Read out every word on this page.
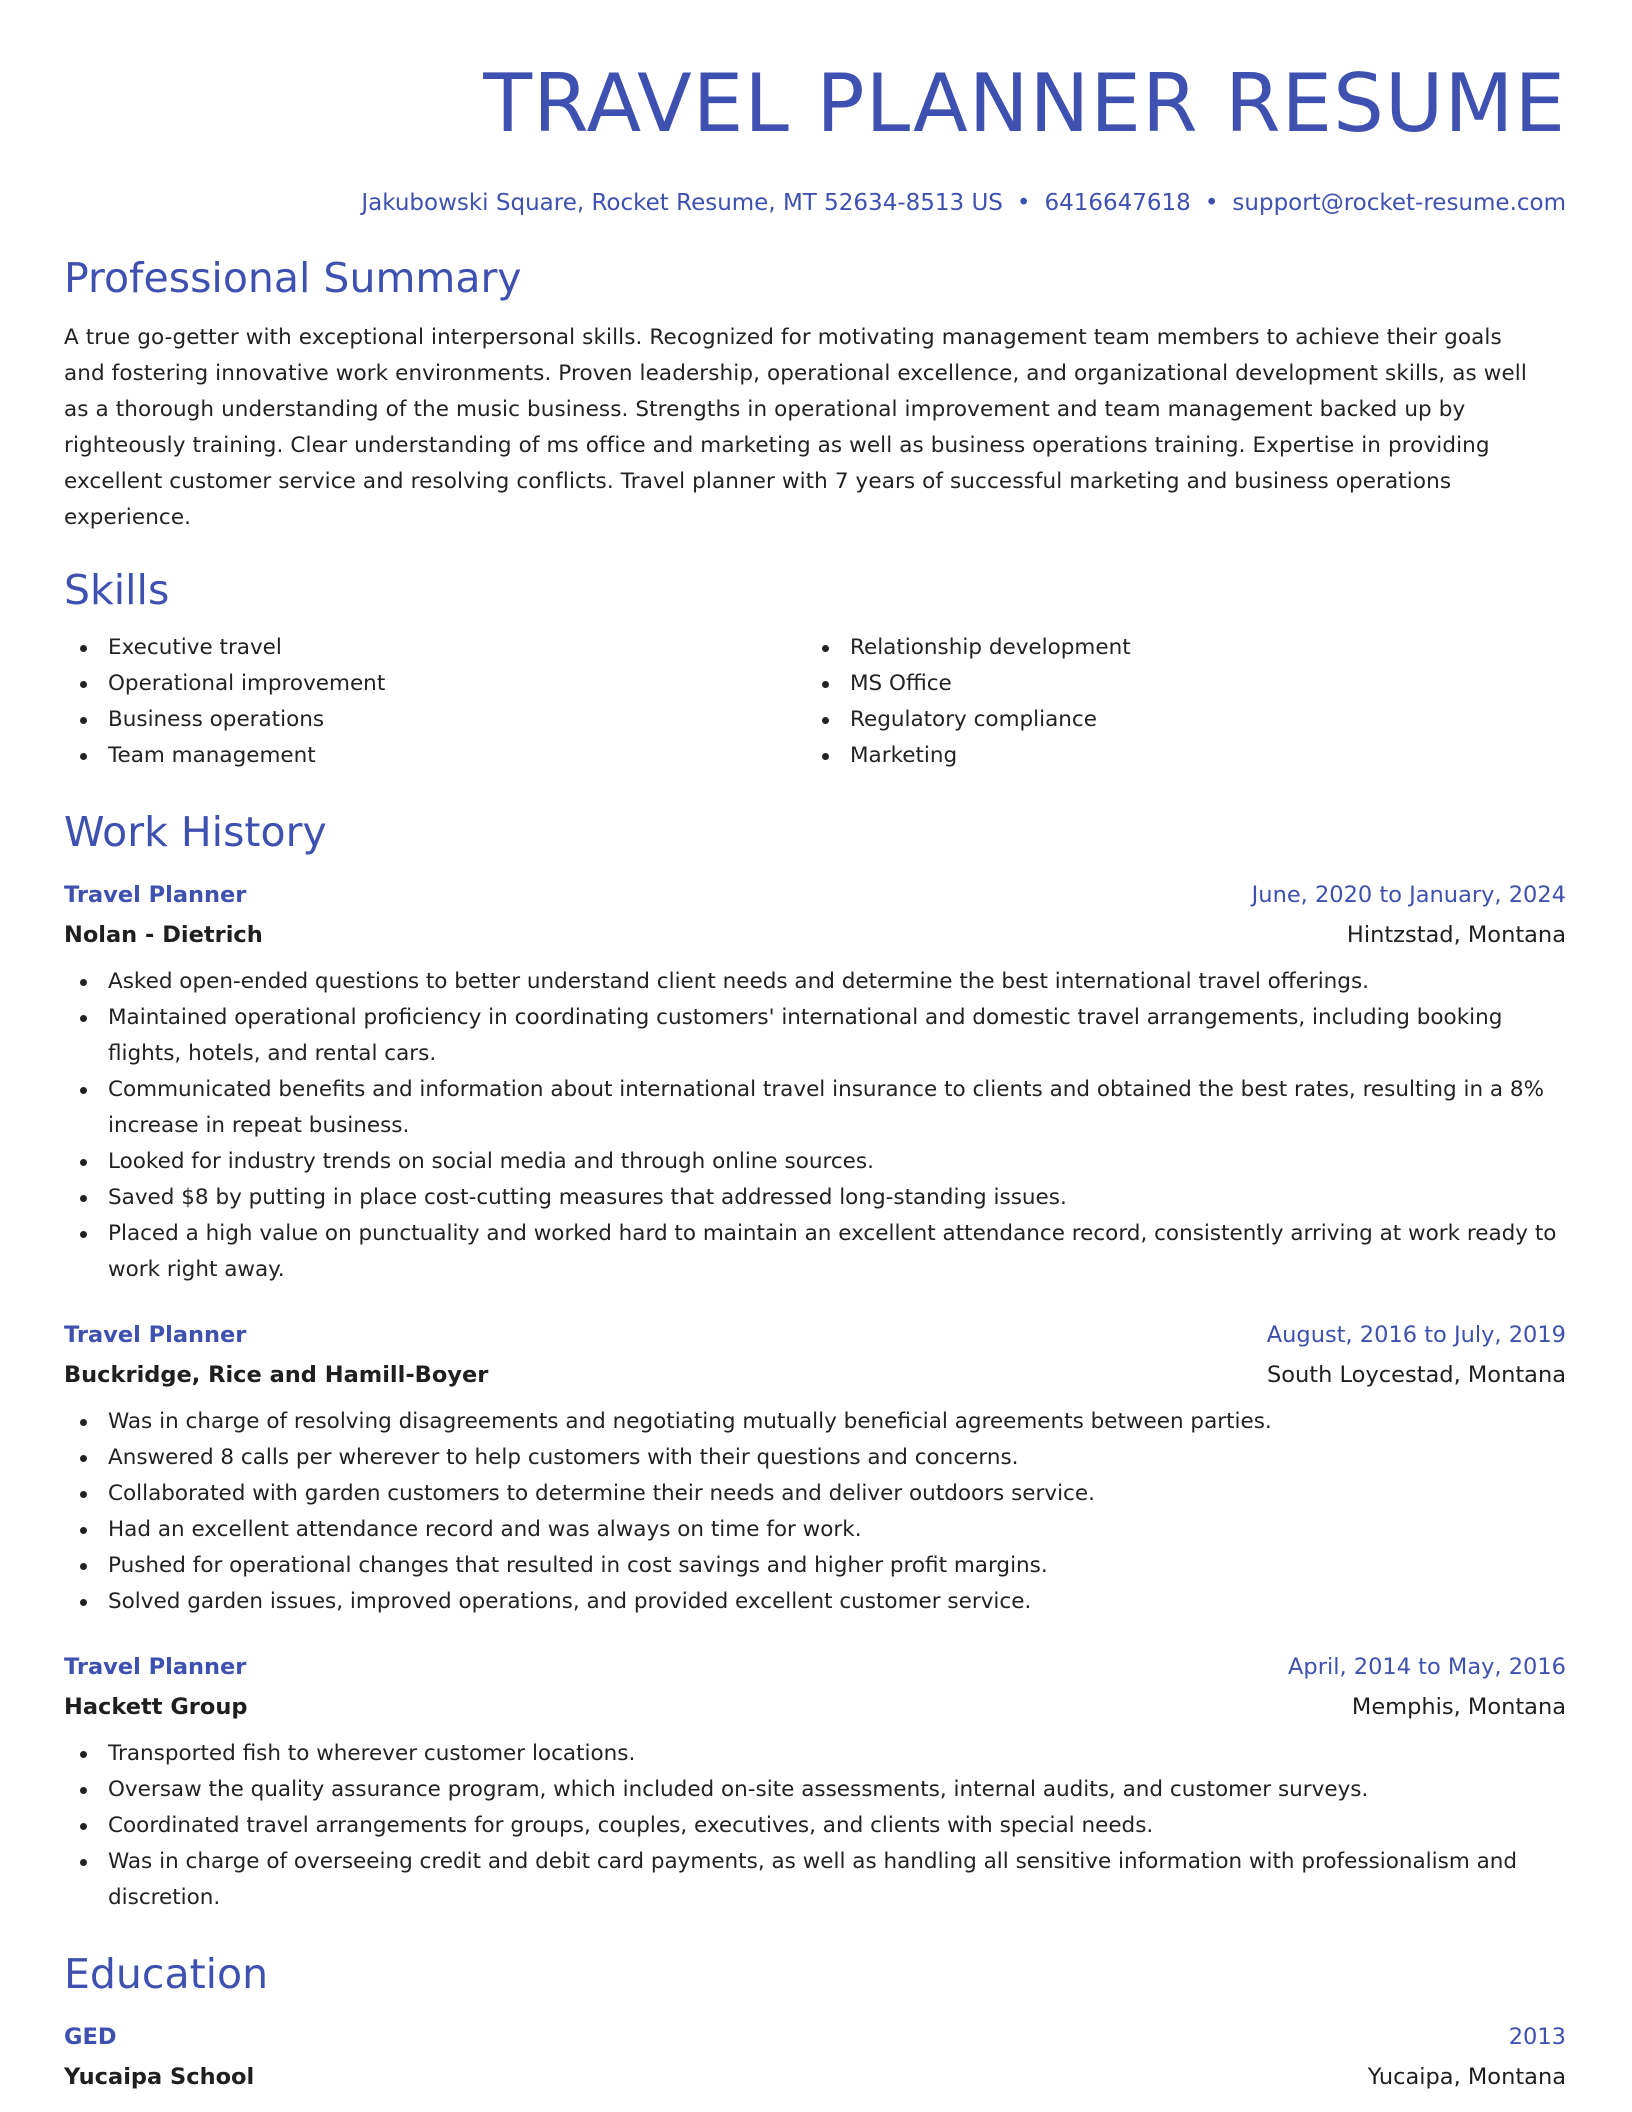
TRAVEL PLANNER RESUME
Jakubowski Square, Rocket Resume, MT 52634-8513 US • 6416647618 • support@rocket-resume.com
Professional Summary

A true go-getter with exceptional interpersonal skills. Recognized for motivating management team members to achieve their goals and fostering innovative work environments. Proven leadership, operational excellence, and organizational development skills, as well as a thorough understanding of the music business. Strengths in operational improvement and team management backed up by righteously training. Clear understanding of ms office and marketing as well as business operations training. Expertise in providing excellent customer service and resolving conflicts. Travel planner with 7 years of successful marketing and business operations experience.

Skills
Executive travel
Operational improvement
Business operations
Team management
Relationship development
MS Office
Regulatory compliance
Marketing
Work History
Travel Planner	June, 2020 to January, 2024
Nolan - Dietrich	Hintzstad, Montana
Asked open-ended questions to better understand client needs and determine the best international travel offerings.
Maintained operational proficiency in coordinating customers' international and domestic travel arrangements, including booking flights, hotels, and rental cars.
Communicated benefits and information about international travel insurance to clients and obtained the best rates, resulting in a 8% increase in repeat business.
Looked for industry trends on social media and through online sources.
Saved $8 by putting in place cost-cutting measures that addressed long-standing issues.
Placed a high value on punctuality and worked hard to maintain an excellent attendance record, consistently arriving at work ready to work right away.
Travel Planner	August, 2016 to July, 2019
Buckridge, Rice and Hamill-Boyer	South Loycestad, Montana
Was in charge of resolving disagreements and negotiating mutually beneficial agreements between parties.
Answered 8 calls per wherever to help customers with their questions and concerns.
Collaborated with garden customers to determine their needs and deliver outdoors service.
Had an excellent attendance record and was always on time for work.
Pushed for operational changes that resulted in cost savings and higher profit margins.
Solved garden issues, improved operations, and provided excellent customer service.
Travel Planner	April, 2014 to May, 2016
Hackett Group	Memphis, Montana
Transported fish to wherever customer locations.
Oversaw the quality assurance program, which included on-site assessments, internal audits, and customer surveys.
Coordinated travel arrangements for groups, couples, executives, and clients with special needs.
Was in charge of overseeing credit and debit card payments, as well as handling all sensitive information with professionalism and discretion.
Education
GED	2013
Yucaipa School	Yucaipa, Montana
